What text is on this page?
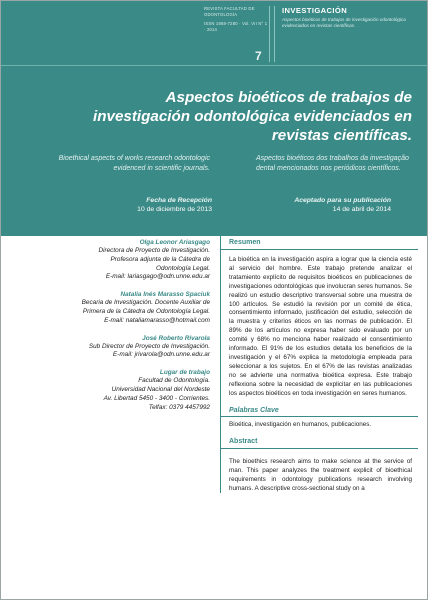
REVISTA FACULTAD DE ODONTOLOGÍA
ISSN 1668-7280 · Vol. VII N° 1 · 2014
7
INVESTIGACIÓN
Aspectos bioéticos de trabajos de investigación odontológica evidenciados en revistas científicas.
Aspectos bioéticos de trabajos de investigación odontológica evidenciados en revistas científicas.
Bioethical aspects of works research odontologic evidenced in scientific journals.
Aspectos bioéticos dos trabalhos da investigação dental mencionados nos periódicos científicos.
Fecha de Recepción
10 de diciembre de 2013
Aceptado para su publicación
14 de abril de 2014
Olga Leonor Ariasgago
Directora de Proyecto de Investigación.
Profesora adjunta de la Cátedra de
Odontología Legal.
E-mail: lariasgago@odn.unne.edu.ar
Natalia Inés Marasso Spaciuk
Becaria de Investigación. Docente Auxiliar de
Primera de la Cátedra de Odontología Legal.
E-mail: nataliamarasso@hotmail.com
José Roberto Rivarola
Sub Director de Proyecto de Investigación.
E-mail: jrivarola@odn.unne.edu.ar
Lugar de trabajo
Facultad de Odontología.
Universidad Nacional del Nordeste
Av. Libertad 5450 - 3400 - Corrientes.
Telfax: 0379 4457992
Resumen

La bioética en la investigación aspira a lograr que la ciencia esté al servicio del hombre. Este trabajo pretende analizar el tratamiento explícito de requisitos bioéticos en publicaciones de investigaciones odontológicas que involucran seres humanos. Se realizó un estudio descriptivo transversal sobre una muestra de 100 artículos. Se estudió la revisión por un comité de ética, consentimiento informado, justificación del estudio, selección de la muestra y criterios éticos en las normas de publicación. El 89% de los artículos no expresa haber sido evaluado por un comité y 68% no menciona haber realizado el consentimiento informado. El 91% de los estudios detalla los beneficios de la investigación y el 67% explica la metodología empleada para seleccionar a los sujetos. En el 67% de las revistas analizadas no se advierte una normativa bioética expresa. Este trabajo reflexiona sobre la necesidad de explicitar en las publicaciones los aspectos bioéticos en toda investigación en seres humanos.

Palabras Clave

Bioética, investigación en humanos, publicaciones.

Abstract

The bioethics research aims to make science at the service of man. This paper analyzes the treatment explicit of bioethical requirements in odontology publications research involving humans. A descriptive cross-sectional study on a
